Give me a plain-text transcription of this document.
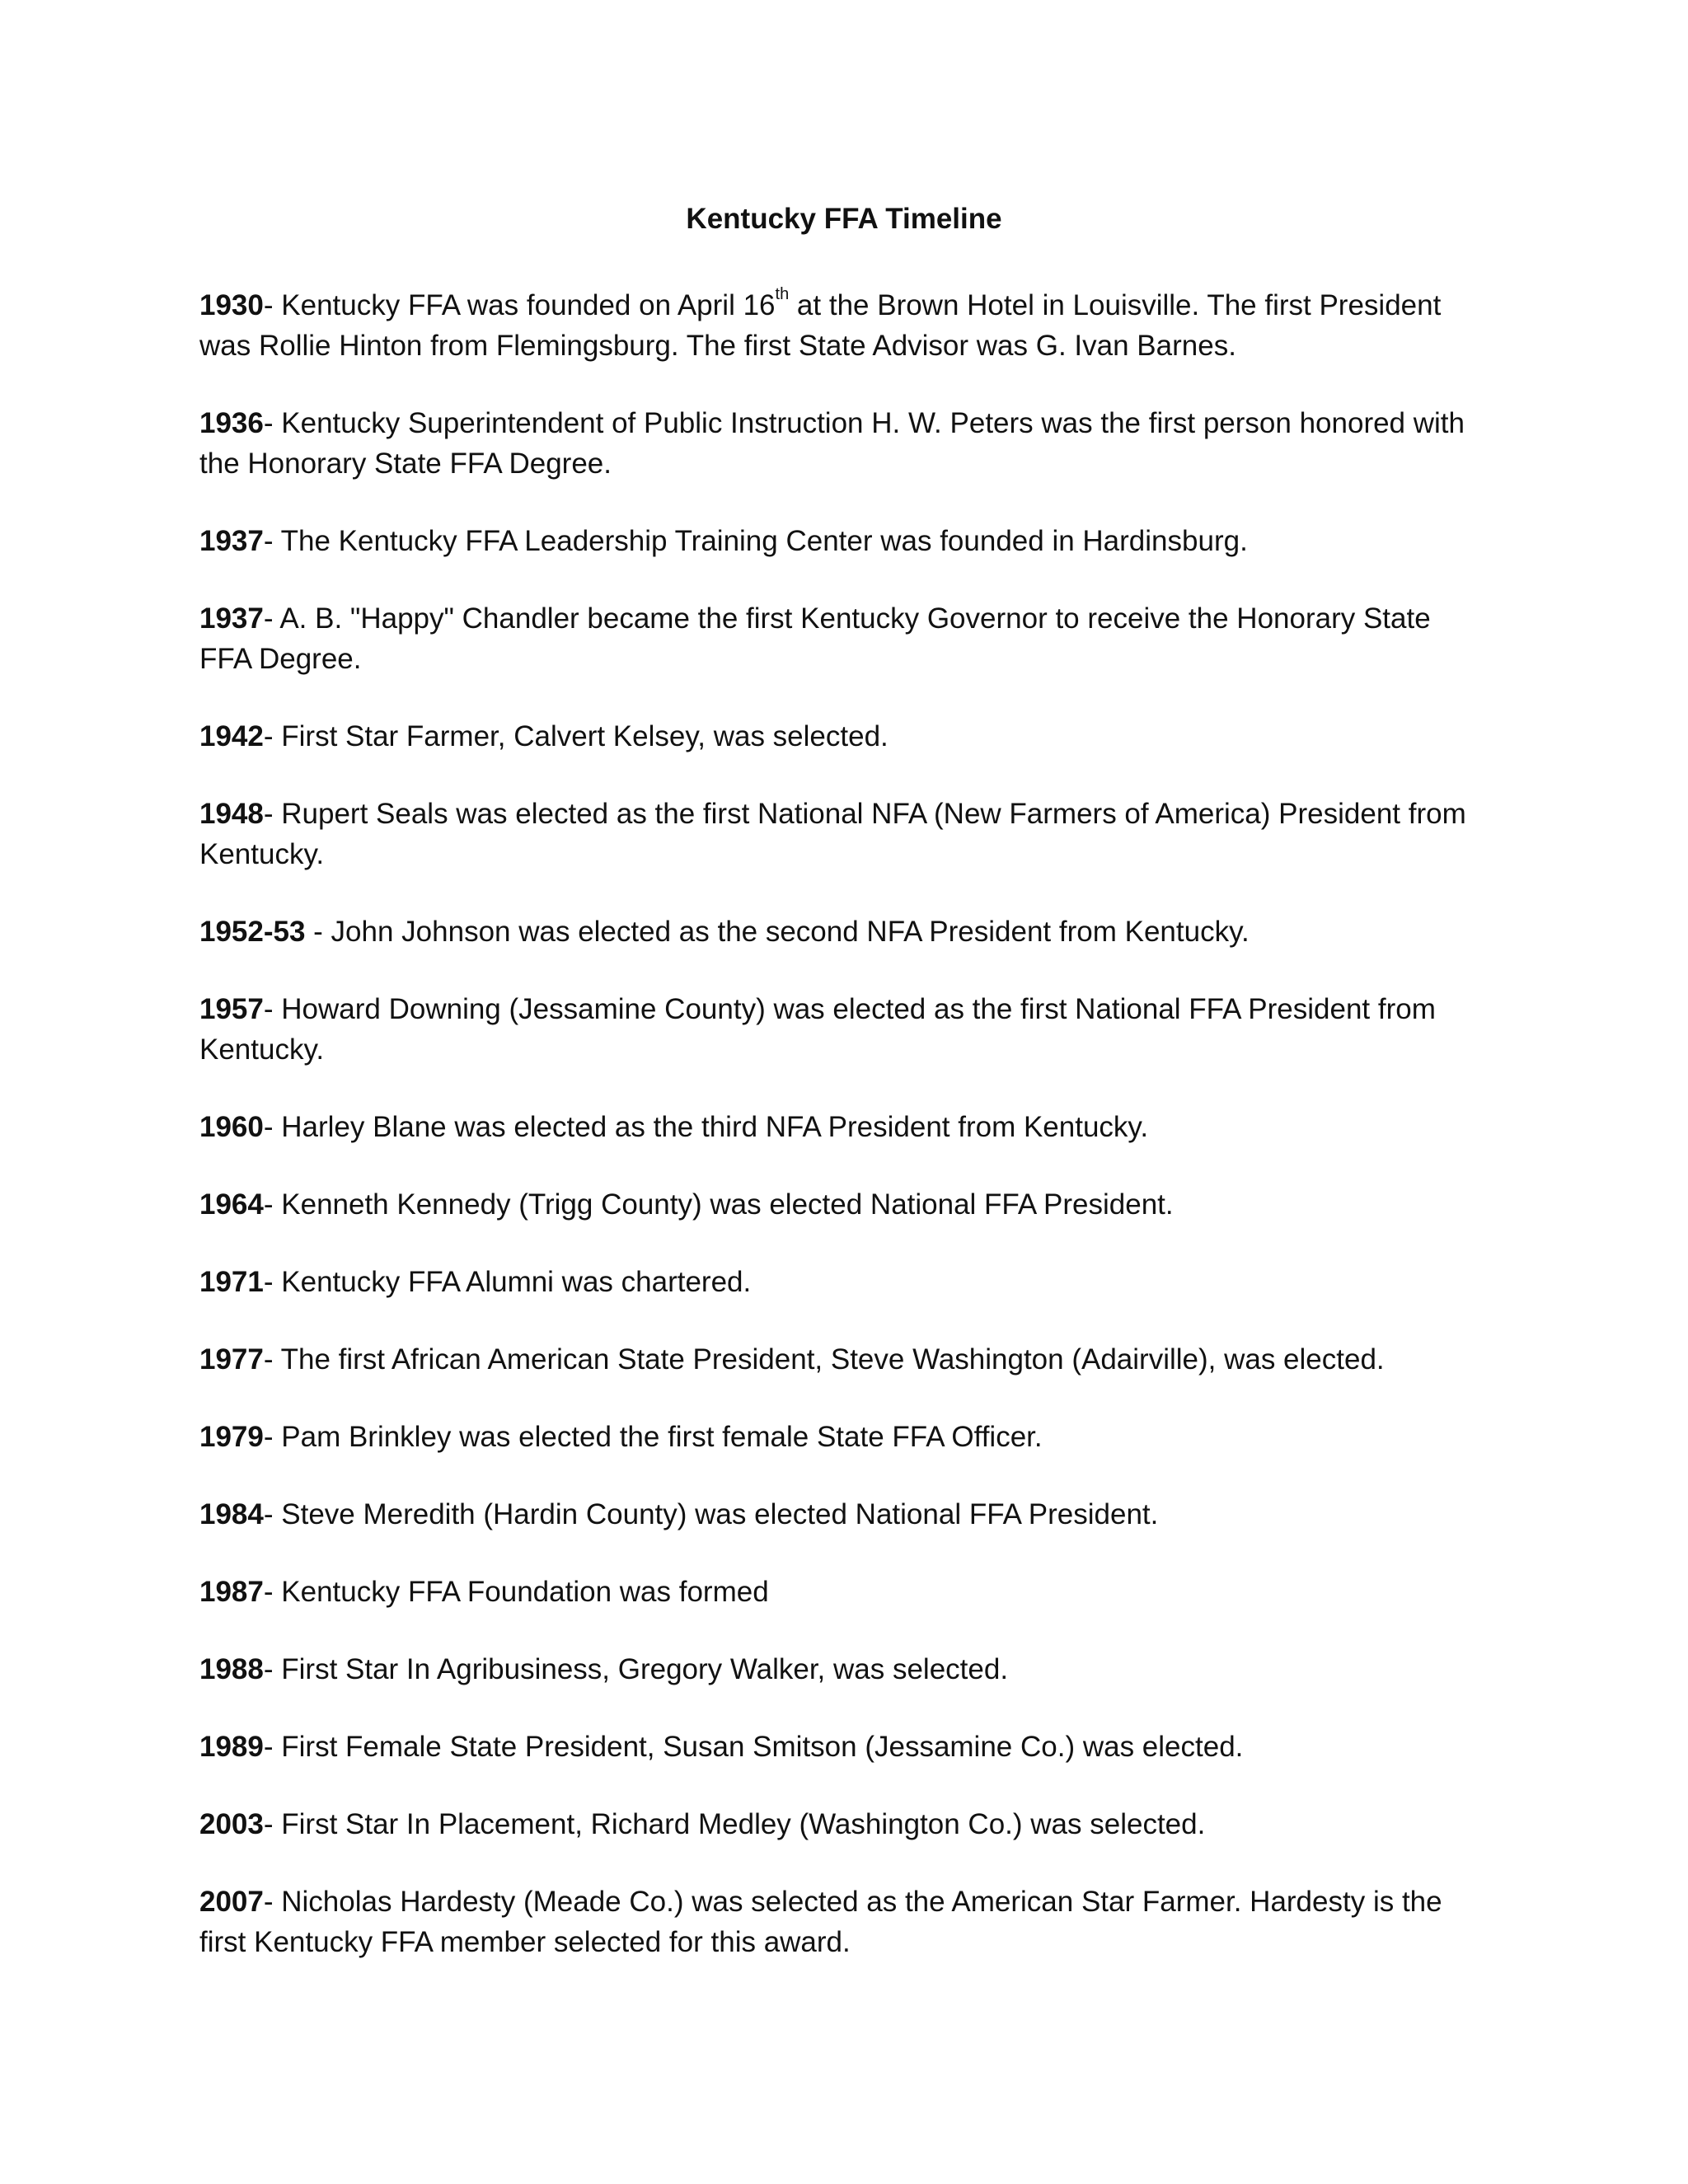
Kentucky FFA Timeline

1930- Kentucky FFA was founded on April 16th at the Brown Hotel in Louisville. The first President was Rollie Hinton from Flemingsburg. The first State Advisor was G. Ivan Barnes.

1936- Kentucky Superintendent of Public Instruction H. W. Peters was the first person honored with the Honorary State FFA Degree.

1937- The Kentucky FFA Leadership Training Center was founded in Hardinsburg.

1937- A. B. "Happy" Chandler became the first Kentucky Governor to receive the Honorary State FFA Degree.

1942- First Star Farmer, Calvert Kelsey, was selected.

1948- Rupert Seals was elected as the first National NFA (New Farmers of America) President from Kentucky.

1952-53 - John Johnson was elected as the second NFA President from Kentucky.

1957- Howard Downing (Jessamine County) was elected as the first National FFA President from Kentucky.

1960- Harley Blane was elected as the third NFA President from Kentucky.

1964- Kenneth Kennedy (Trigg County) was elected National FFA President.

1971- Kentucky FFA Alumni was chartered.

1977- The first African American State President, Steve Washington (Adairville), was elected.

1979- Pam Brinkley was elected the first female State FFA Officer.

1984- Steve Meredith (Hardin County) was elected National FFA President.

1987- Kentucky FFA Foundation was formed

1988- First Star In Agribusiness, Gregory Walker, was selected.

1989- First Female State President, Susan Smitson (Jessamine Co.) was elected.

2003- First Star In Placement, Richard Medley (Washington Co.) was selected.

2007- Nicholas Hardesty (Meade Co.) was selected as the American Star Farmer. Hardesty is the first Kentucky FFA member selected for this award.
